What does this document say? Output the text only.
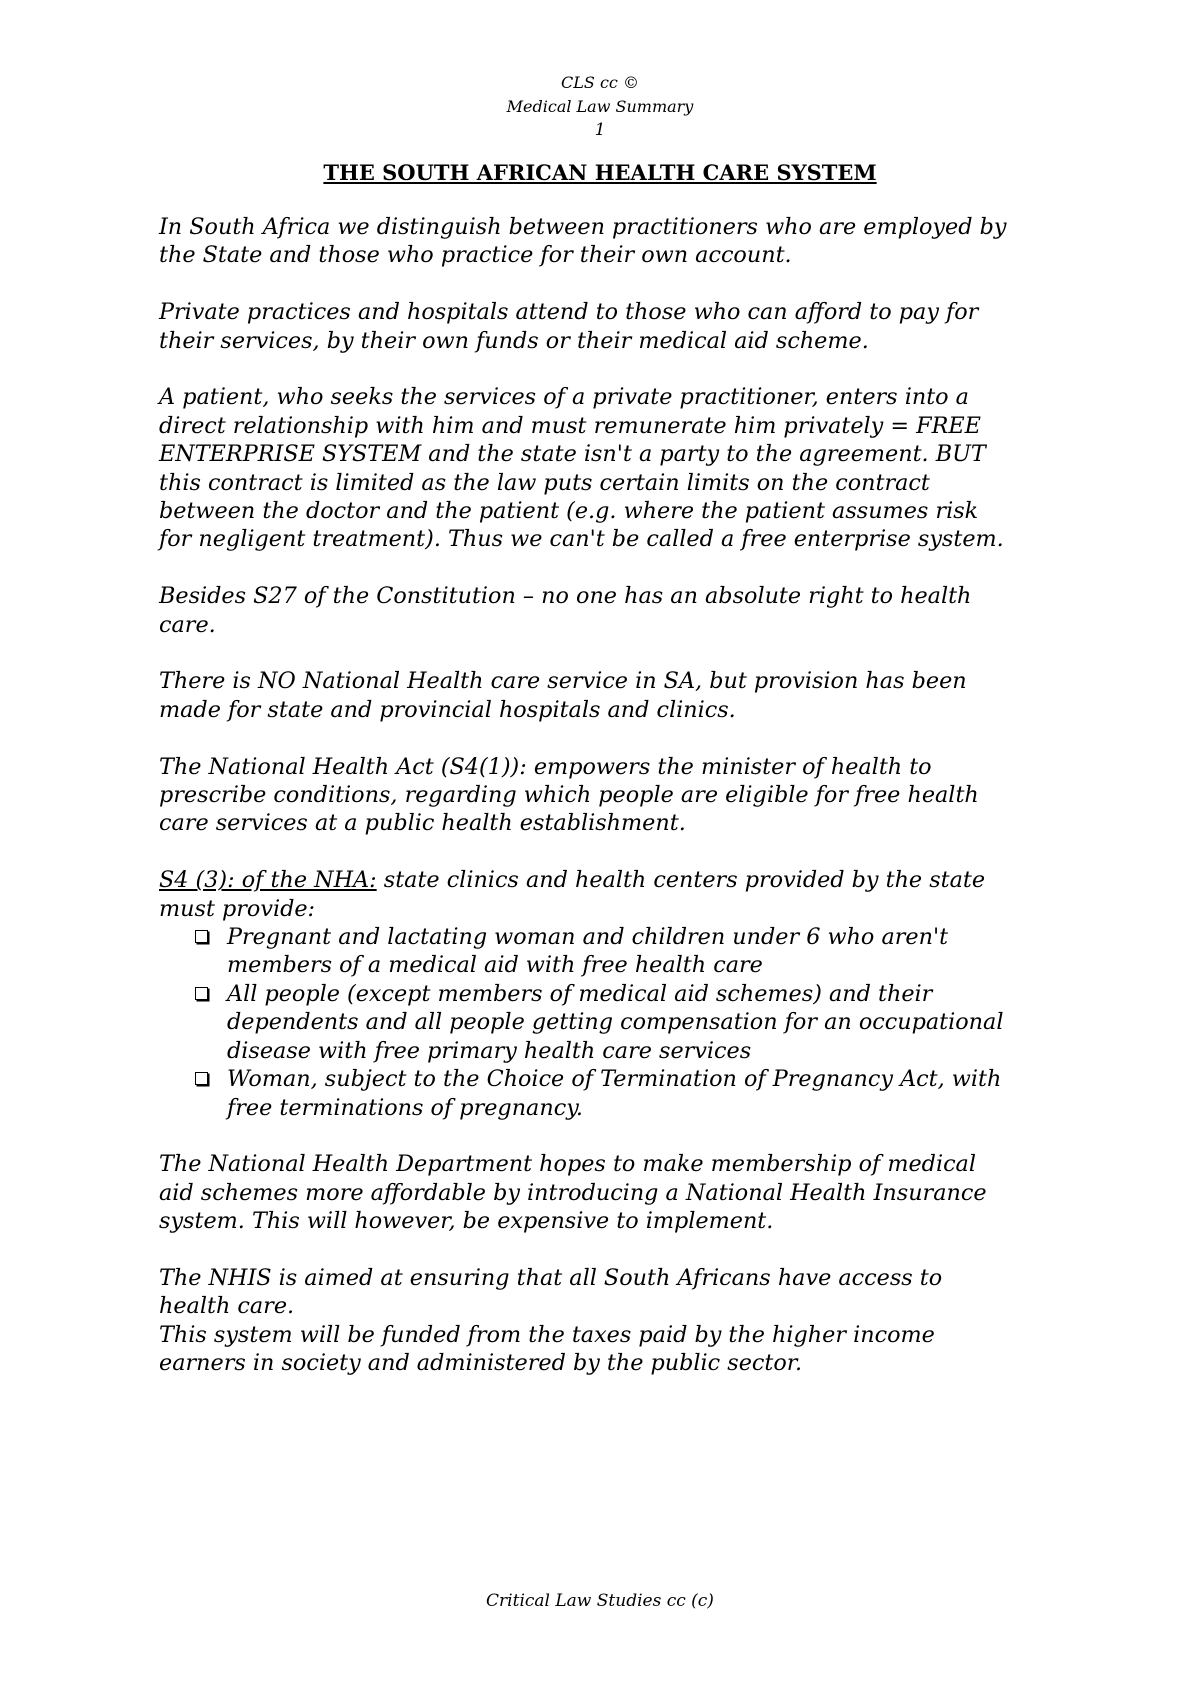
CLS cc ©
Medical Law Summary
1
THE SOUTH AFRICAN HEALTH CARE SYSTEM

In South Africa we distinguish between practitioners who are employed by the State and those who practice for their own account.

Private practices and hospitals attend to those who can afford to pay for their services, by their own funds or their medical aid scheme.

A patient, who seeks the services of a private practitioner, enters into a direct relationship with him and must remunerate him privately = FREE ENTERPRISE SYSTEM and the state isn't a party to the agreement. BUT this contract is limited as the law puts certain limits on the contract between the doctor and the patient (e.g. where the patient assumes risk for negligent treatment). Thus we can't be called a free enterprise system.

Besides S27 of the Constitution – no one has an absolute right to health care.

There is NO National Health care service in SA, but provision has been made for state and provincial hospitals and clinics.

The National Health Act (S4(1)): empowers the minister of health to prescribe conditions, regarding which people are eligible for free health care services at a public health establishment.

S4 (3): of the NHA: state clinics and health centers provided by the state must provide:

Pregnant and lactating woman and children under 6 who aren't members of a medical aid with free health care
All people (except members of medical aid schemes) and their dependents and all people getting compensation for an occupational disease with free primary health care services
Woman, subject to the Choice of Termination of Pregnancy Act, with free terminations of pregnancy.

The National Health Department hopes to make membership of medical aid schemes more affordable by introducing a National Health Insurance system. This will however, be expensive to implement.

The NHIS is aimed at ensuring that all South Africans have access to health care.

This system will be funded from the taxes paid by the higher income earners in society and administered by the public sector.

Critical Law Studies cc (c)
